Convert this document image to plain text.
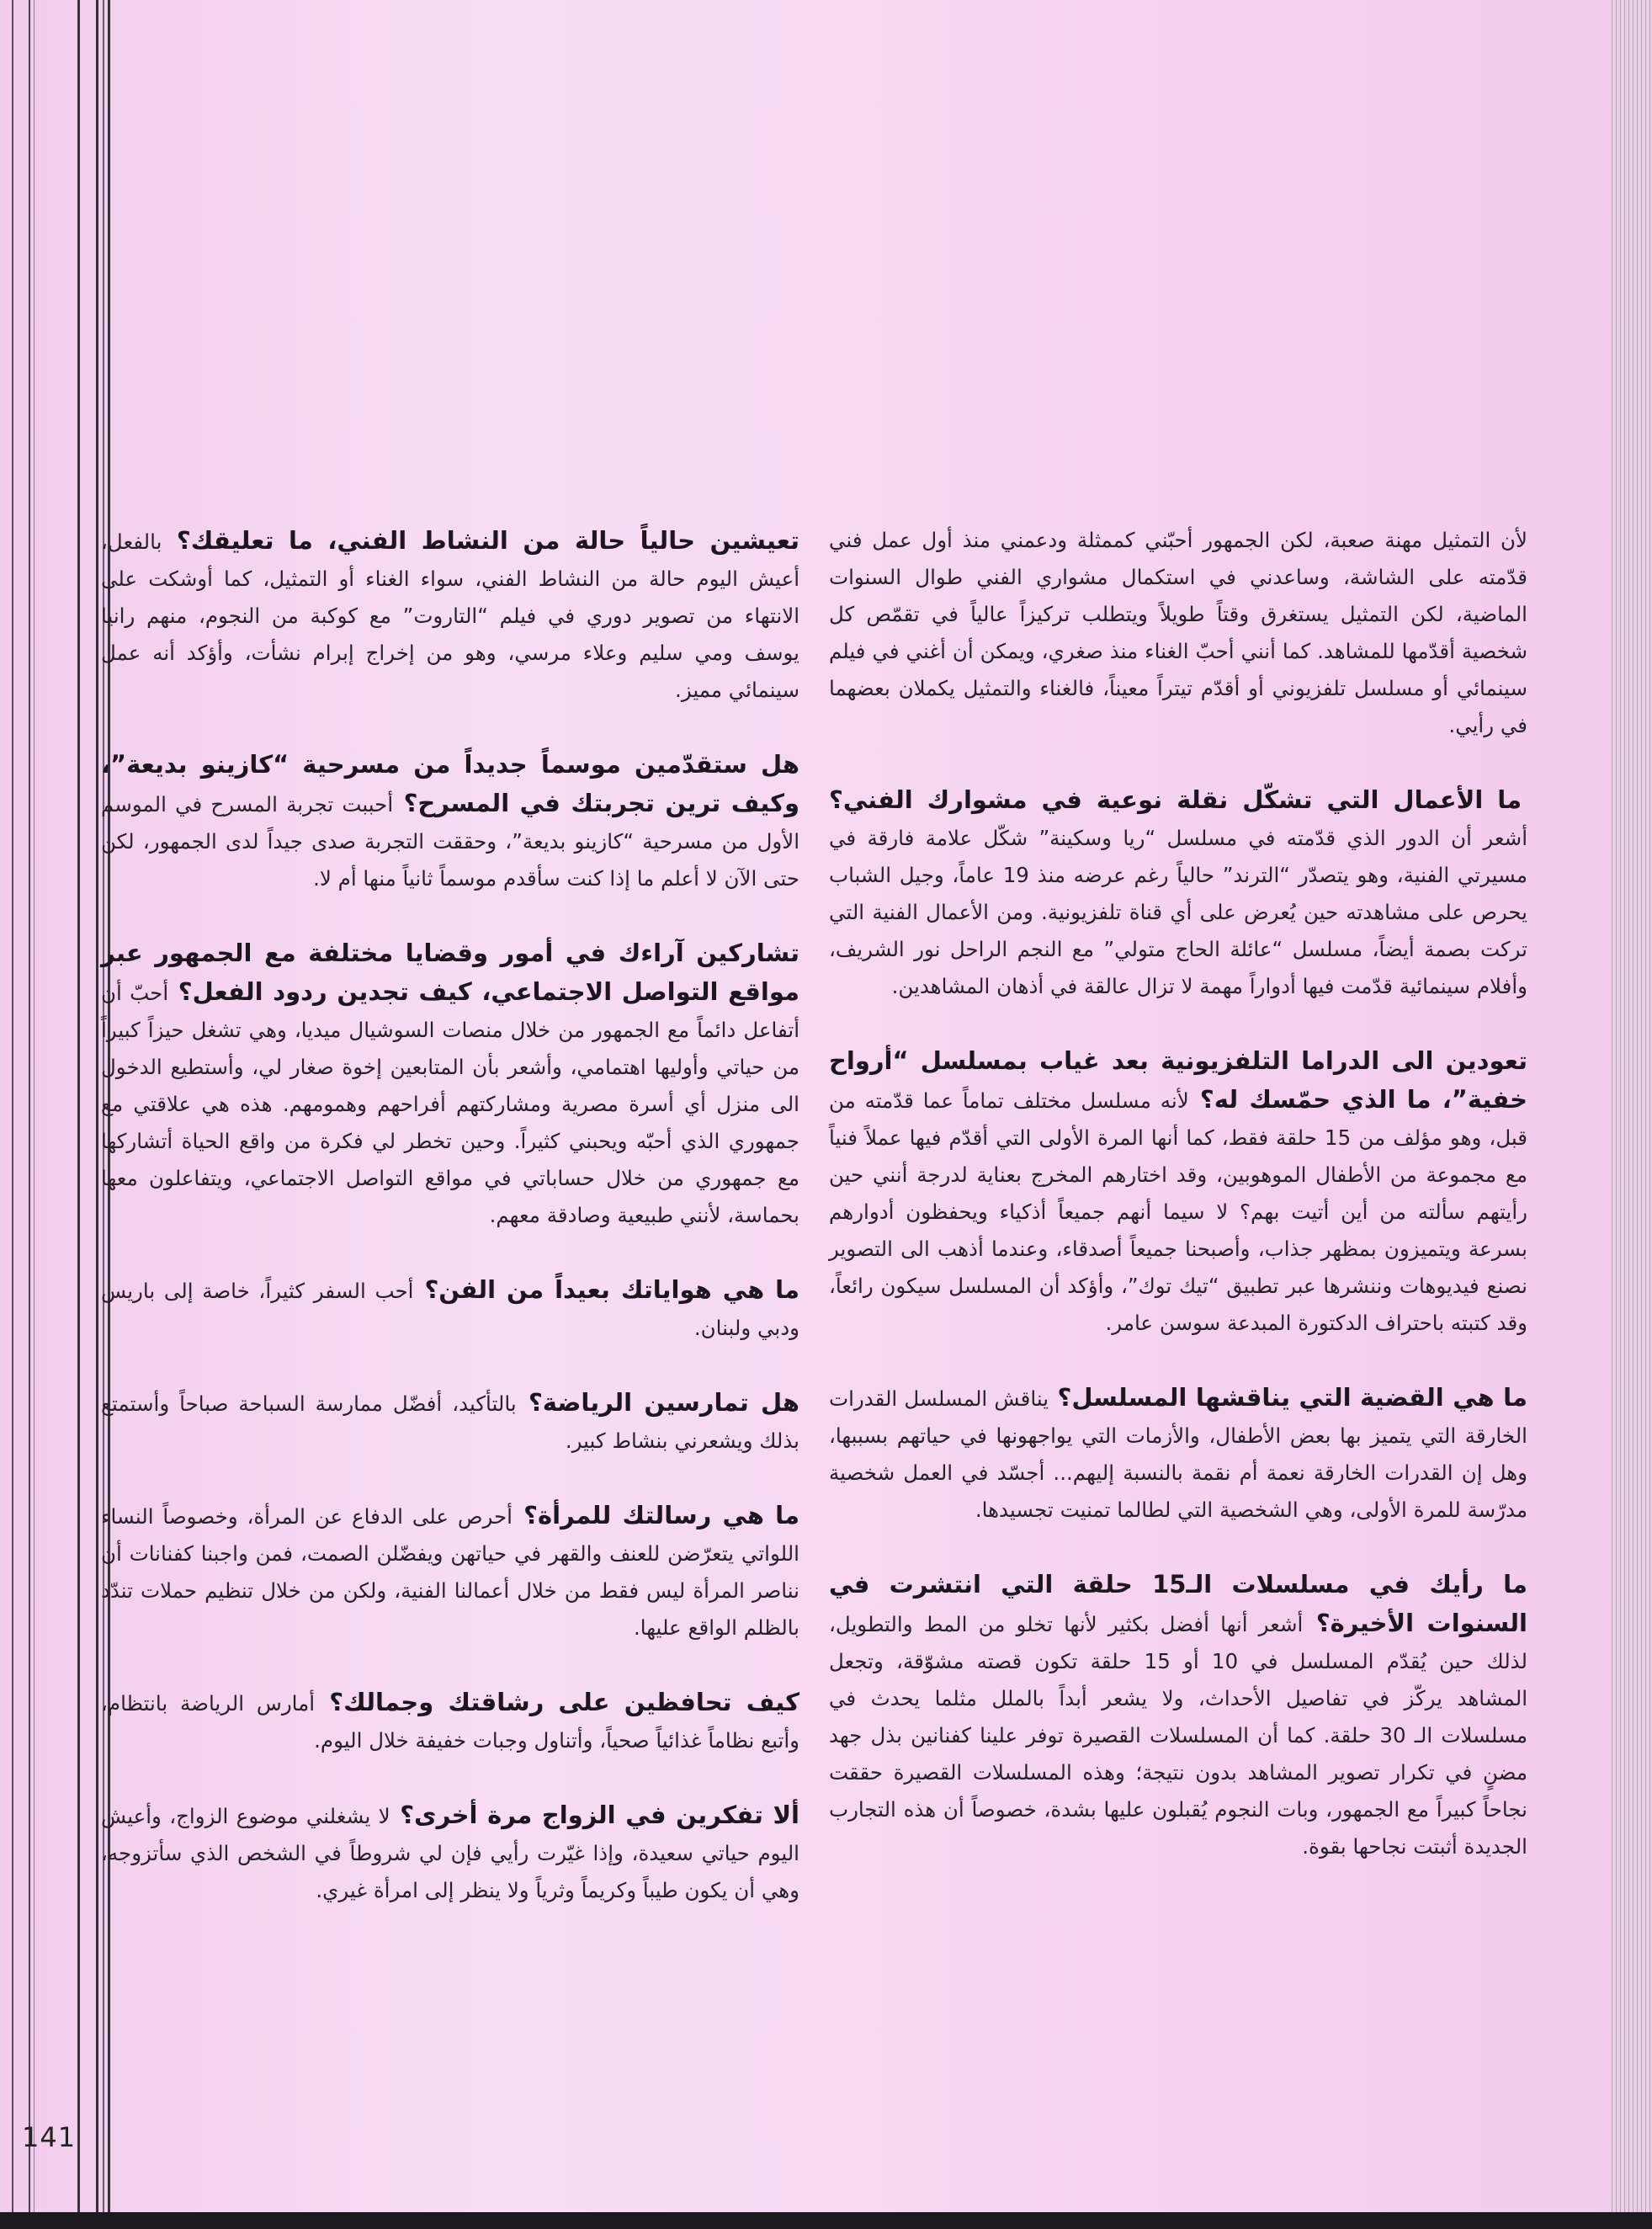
لأن التمثيل مهنة صعبة، لكن الجمهور أحبّني كممثلة ودعمني منذ أول عمل فني قدّمته على الشاشة، وساعدني في استكمال مشواري الفني طوال السنوات الماضية، لكن التمثيل يستغرق وقتاً طويلاً ويتطلب تركيزاً عالياً في تقمّص كل شخصية أقدّمها للمشاهد. كما أنني أحبّ الغناء منذ صغري، ويمكن أن أغني في فيلم سينمائي أو مسلسل تلفزيوني أو أقدّم تيتراً معيناً، فالغناء والتمثيل يكملان بعضهما في رأيي.
ما الأعمال التي تشكّل نقلة نوعية في مشوارك الفني؟ أشعر أن الدور الذي قدّمته في مسلسل “ريا وسكينة” شكّل علامة فارقة في مسيرتي الفنية، وهو يتصدّر “الترند” حالياً رغم عرضه منذ 19 عاماً، وجيل الشباب يحرص على مشاهدته حين يُعرض على أي قناة تلفزيونية. ومن الأعمال الفنية التي تركت بصمة أيضاً، مسلسل “عائلة الحاج متولي” مع النجم الراحل نور الشريف، وأفلام سينمائية قدّمت فيها أدواراً مهمة لا تزال عالقة في أذهان المشاهدين.
تعودين الى الدراما التلفزيونية بعد غياب بمسلسل “أرواح خفية”، ما الذي حمّسك له؟ لأنه مسلسل مختلف تماماً عما قدّمته من قبل، وهو مؤلف من 15 حلقة فقط، كما أنها المرة الأولى التي أقدّم فيها عملاً فنياً مع مجموعة من الأطفال الموهوبين، وقد اختارهم المخرج بعناية لدرجة أنني حين رأيتهم سألته من أين أتيت بهم؟ لا سيما أنهم جميعاً أذكياء ويحفظون أدوارهم بسرعة ويتميزون بمظهر جذاب، وأصبحنا جميعاً أصدقاء، وعندما أذهب الى التصوير نصنع فيديوهات وننشرها عبر تطبيق “تيك توك”، وأؤكد أن المسلسل سيكون رائعاً، وقد كتبته باحتراف الدكتورة المبدعة سوسن عامر.
ما هي القضية التي يناقشها المسلسل؟ يناقش المسلسل القدرات الخارقة التي يتميز بها بعض الأطفال، والأزمات التي يواجهونها في حياتهم بسببها، وهل إن القدرات الخارقة نعمة أم نقمة بالنسبة إليهم... أجسّد في العمل شخصية مدرّسة للمرة الأولى، وهي الشخصية التي لطالما تمنيت تجسيدها.
ما رأيك في مسلسلات الـ15 حلقة التي انتشرت في السنوات الأخيرة؟ أشعر أنها أفضل بكثير لأنها تخلو من المط والتطويل، لذلك حين يُقدّم المسلسل في 10 أو 15 حلقة تكون قصته مشوّقة، وتجعل المشاهد يركّز في تفاصيل الأحداث، ولا يشعر أبداً بالملل مثلما يحدث في مسلسلات الـ 30 حلقة. كما أن المسلسلات القصيرة توفر علينا كفنانين بذل جهد مضنٍ في تكرار تصوير المشاهد بدون نتيجة؛ وهذه المسلسلات القصيرة حققت نجاحاً كبيراً مع الجمهور، وبات النجوم يُقبلون عليها بشدة، خصوصاً أن هذه التجارب الجديدة أثبتت نجاحها بقوة.
تعيشين حالياً حالة من النشاط الفني، ما تعليقك؟ بالفعل، أعيش اليوم حالة من النشاط الفني، سواء الغناء أو التمثيل، كما أوشكت على الانتهاء من تصوير دوري في فيلم “التاروت” مع كوكبة من النجوم، منهم رانيا يوسف ومي سليم وعلاء مرسي، وهو من إخراج إبرام نشأت، وأؤكد أنه عمل سينمائي مميز.
هل ستقدّمين موسماً جديداً من مسرحية “كازينو بديعة”، وكيف ترين تجربتك في المسرح؟ أحببت تجربة المسرح في الموسم الأول من مسرحية “كازينو بديعة”، وحققت التجربة صدى جيداً لدى الجمهور، لكن حتى الآن لا أعلم ما إذا كنت سأقدم موسماً ثانياً منها أم لا.
تشاركين آراءك في أمور وقضايا مختلفة مع الجمهور عبر مواقع التواصل الاجتماعي، كيف تجدين ردود الفعل؟ أحبّ أن أتفاعل دائماً مع الجمهور من خلال منصات السوشيال ميديا، وهي تشغل حيزاً كبيراً من حياتي وأوليها اهتمامي، وأشعر بأن المتابعين إخوة صغار لي، وأستطيع الدخول الى منزل أي أسرة مصرية ومشاركتهم أفراحهم وهمومهم. هذه هي علاقتي مع جمهوري الذي أحبّه ويحبني كثيراً. وحين تخطر لي فكرة من واقع الحياة أتشاركها مع جمهوري من خلال حساباتي في مواقع التواصل الاجتماعي، ويتفاعلون معها بحماسة، لأنني طبيعية وصادقة معهم.
ما هي هواياتك بعيداً من الفن؟ أحب السفر كثيراً، خاصة إلى باريس ودبي ولبنان.
هل تمارسين الرياضة؟ بالتأكيد، أفضّل ممارسة السباحة صباحاً وأستمتع بذلك ويشعرني بنشاط كبير.
ما هي رسالتك للمرأة؟ أحرص على الدفاع عن المرأة، وخصوصاً النساء اللواتي يتعرّضن للعنف والقهر في حياتهن ويفضّلن الصمت، فمن واجبنا كفنانات أن نناصر المرأة ليس فقط من خلال أعمالنا الفنية، ولكن من خلال تنظيم حملات تندّد بالظلم الواقع عليها.
كيف تحافظين على رشاقتك وجمالك؟ أمارس الرياضة بانتظام، وأتبع نظاماً غذائياً صحياً، وأتناول وجبات خفيفة خلال اليوم.
ألا تفكرين في الزواج مرة أخرى؟ لا يشغلني موضوع الزواج، وأعيش اليوم حياتي سعيدة، وإذا غيّرت رأيي فإن لي شروطاً في الشخص الذي سأتزوجه، وهي أن يكون طيباً وكريماً وثرياً ولا ينظر إلى امرأة غيري.
141
